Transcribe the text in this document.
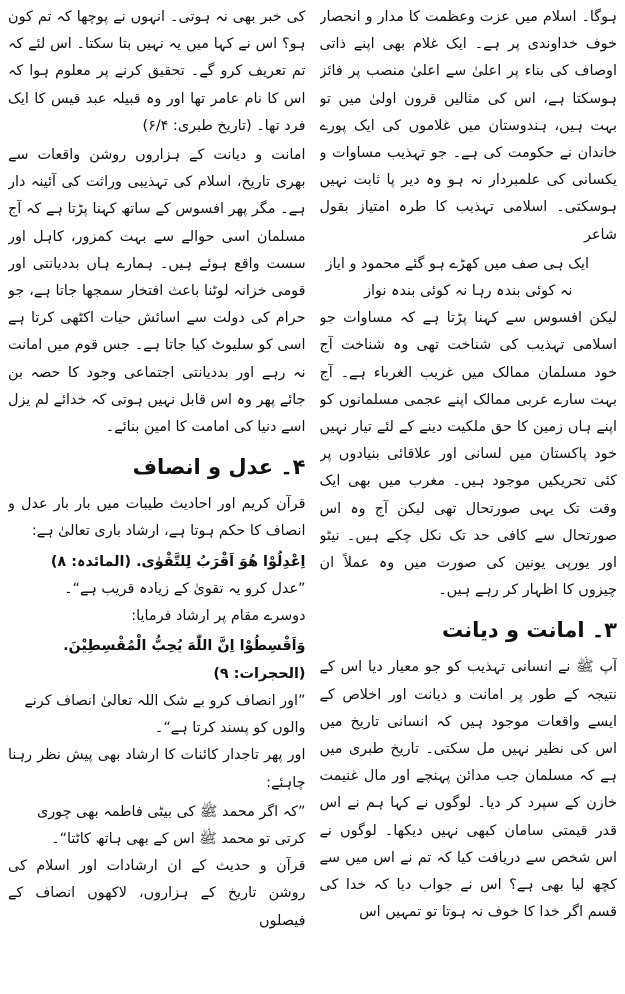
ہوگا۔ اسلام میں عزت وعظمت کا مدار و انحصار خوف خداوندی پر ہے۔ ایک غلام بھی اپنے ذاتی اوصاف کی بناء پر اعلیٰ سے اعلیٰ منصب پر فائز ہوسکتا ہے، اس کی مثالیں قرون اولیٰ میں تو بہت ہیں، ہندوستان میں غلاموں کی ایک پورے خاندان نے حکومت کی ہے۔ جو تہذیب مساوات و یکسانی کی علمبردار نہ ہو وہ دیر پا ثابت نہیں ہوسکتی۔ اسلامی تہذیب کا طرہ امتیاز بقول شاعر

ایک ہی صف میں کھڑے ہو گئے محمود و ایاز

نہ کوئی بندہ رہا نہ کوئی بندہ نواز

لیکن افسوس سے کہنا پڑتا ہے کہ مساوات جو اسلامی تہذیب کی شناخت تھی وہ شناخت آج خود مسلمان ممالک میں غریب الغرباء ہے۔ آج بہت سارے عربی ممالک اپنے عجمی مسلمانوں کو اپنے ہاں زمین کا حق ملکیت دینے کے لئے تیار نہیں خود پاکستان میں لسانی اور علاقائی بنیادوں پر کئی تحریکیں موجود ہیں۔ مغرب میں بھی ایک وقت تک یہی صورتحال تھی لیکن آج وہ اس صورتحال سے کافی حد تک نکل چکے ہیں۔ نیٹو اور یورپی یونین کی صورت میں وہ عملاً ان چیزوں کا اظہار کر رہے ہیں۔

۳۔ امانت و دیانت

آپ ﷺ نے انسانی تہذیب کو جو معیار دیا اس کے نتیجہ کے طور پر امانت و دیانت اور اخلاص کے ایسے واقعات موجود ہیں کہ انسانی تاریخ میں اس کی نظیر نہیں مل سکتی۔ تاریخ طبری میں ہے کہ مسلمان جب مدائن پہنچے اور مال غنیمت خازن کے سپرد کر دیا۔ لوگوں نے کہا ہم نے اس قدر قیمتی سامان کبھی نہیں دیکھا۔ لوگوں نے اس شخص سے دریافت کیا کہ تم نے اس میں سے کچھ لیا بھی ہے؟ اس نے جواب دیا کہ خدا کی قسم اگر خدا کا خوف نہ ہوتا تو تمہیں اس

کی خبر بھی نہ ہوتی۔ انہوں نے پوچھا کہ تم کون ہو؟ اس نے کہا میں یہ نہیں بتا سکتا۔ اس لئے کہ تم تعریف کرو گے۔ تحقیق کرنے پر معلوم ہوا کہ اس کا نام عامر تھا اور وہ قبیلہ عبد قیس کا ایک فرد تھا۔ (تاریخ طبری: ۶/۴)

امانت و دیانت کے ہزاروں روشن واقعات سے بھری تاریخ، اسلام کی تہذیبی وراثت کی آئینہ دار ہے۔ مگر پھر افسوس کے ساتھ کہنا پڑتا ہے کہ آج مسلمان اسی حوالے سے بہت کمزور، کاہل اور سست واقع ہوئے ہیں۔ ہمارے ہاں بددیانتی اور قومی خزانہ لوٹنا باعث افتخار سمجھا جاتا ہے، جو حرام کی دولت سے اسائش حیات اکٹھی کرتا ہے اسی کو سلیوٹ کیا جاتا ہے۔ جس قوم میں امانت نہ رہے اور بددیانتی اجتماعی وجود کا حصہ بن جائے پھر وہ اس قابل نہیں ہوتی کہ خدائے لم یزل اسے دنیا کی امامت کا امین بنائے۔

۴۔ عدل و انصاف

قرآن کریم اور احادیث طیبات میں بار بار عدل و انصاف کا حکم ہوتا ہے، ارشاد باری تعالیٰ ہے:

اِعْدِلُوْا هُوَ اَقْرَبُ لِلتَّقْوٰى. (المائدہ: ۸)

”عدل کرو یہ تقویٰ کے زیادہ قریب ہے“۔

دوسرے مقام پر ارشاد فرمایا:

وَاَقْسِطُوْا اِنَّ اللّٰهَ يُحِبُّ الْمُقْسِطِيْنَ. (الحجرات: ۹)

”اور انصاف کرو بے شک اللہ تعالیٰ انصاف کرنے والوں کو پسند کرتا ہے“۔

اور پھر تاجدار کائنات کا ارشاد بھی پیش نظر رہنا چاہئے:

”کہ اگر محمد ﷺ کی بیٹی فاطمہ بھی چوری کرتی تو محمد ﷺ اس کے بھی ہاتھ کاٹتا“۔

قرآن و حدیث کے ان ارشادات اور اسلام کی روشن تاریخ کے ہزاروں، لاکھوں انصاف کے فیصلوں
